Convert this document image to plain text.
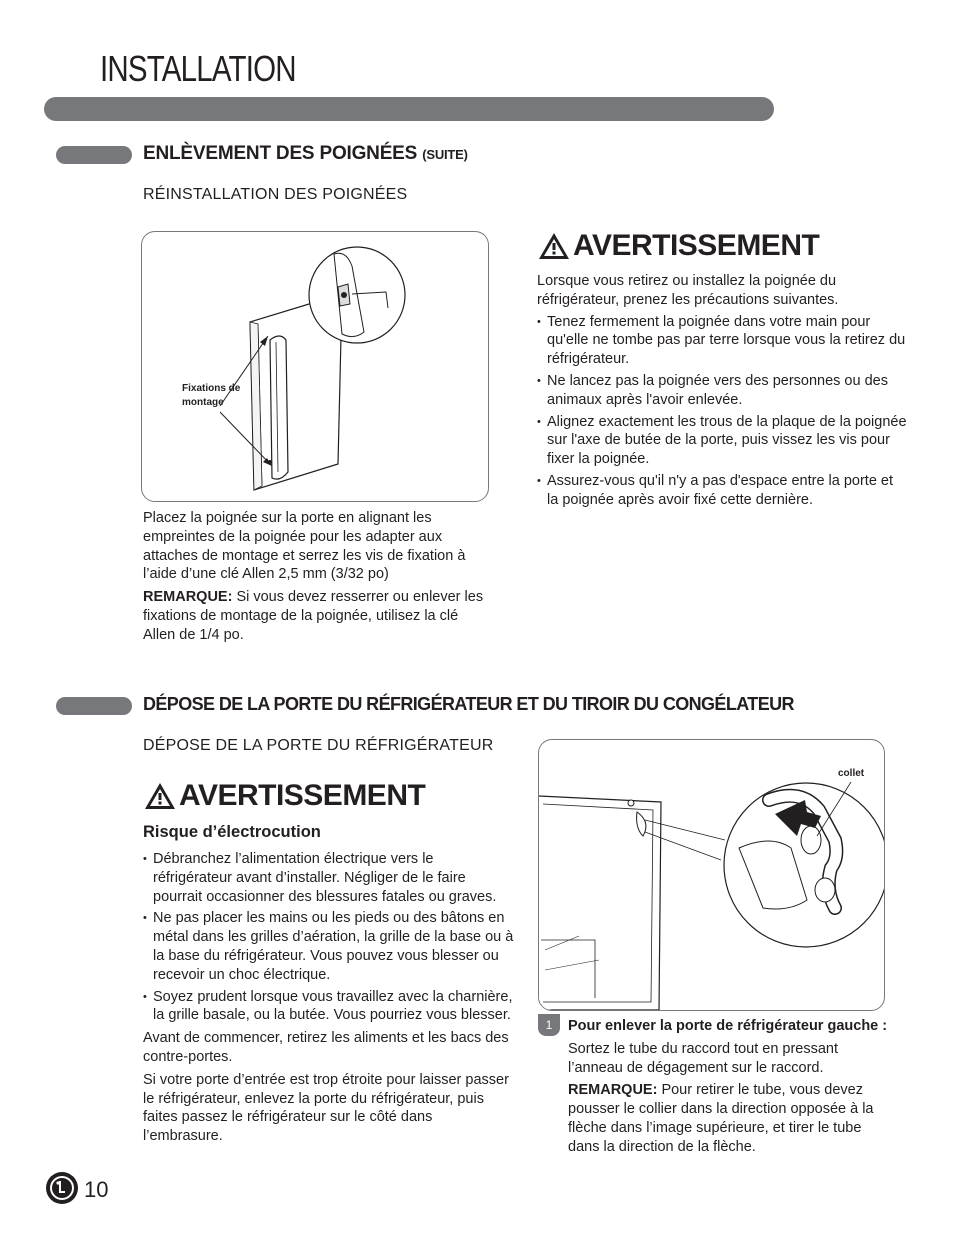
INSTALLATION
ENLÈVEMENT DES POIGNÉES (SUITE)
RÉINSTALLATION DES POIGNÉES
Fixations de montage
Placez la poignée sur la porte en alignant les empreintes de la poignée pour les adapter aux attaches de montage et serrez les vis de fixation à l’aide d’une clé Allen 2,5 mm (3/32 po)
REMARQUE: Si vous devez resserrer ou enlever les fixations de montage de la poignée, utilisez la clé Allen de 1/4 po.
AVERTISSEMENT
Lorsque vous retirez ou installez la poignée du réfrigérateur, prenez les précautions suivantes.
• Tenez fermement la poignée dans votre main pour qu'elle ne tombe pas par terre lorsque vous la retirez du réfrigérateur.
• Ne lancez pas la poignée vers des personnes ou des animaux après l'avoir enlevée.
• Alignez exactement les trous de la plaque de la poignée sur l'axe de butée de la porte, puis vissez les vis pour fixer la poignée.
• Assurez-vous qu'il n'y a pas d'espace entre la porte et la poignée après avoir fixé cette dernière.
DÉPOSE DE LA PORTE DU RÉFRIGÉRATEUR ET DU TIROIR DU CONGÉLATEUR
DÉPOSE DE LA PORTE DU RÉFRIGÉRATEUR
AVERTISSEMENT
Risque d’électrocution
• Débranchez l’alimentation électrique vers le réfrigérateur avant d’installer. Négliger de le faire pourrait occasionner des blessures fatales ou graves.
• Ne pas placer les mains ou les pieds ou des bâtons en métal dans les grilles d’aération, la grille de la base ou à la base du réfrigérateur. Vous pouvez vous blesser ou recevoir un choc électrique.
• Soyez prudent lorsque vous travaillez avec la charnière, la grille basale, ou la butée. Vous pourriez vous blesser.
Avant de commencer, retirez les aliments et les bacs des contre-portes.
Si votre porte d’entrée est trop étroite pour laisser passer le réfrigérateur, enlevez la porte du réfrigérateur, puis faites passez le réfrigérateur sur le côté dans l’embrasure.
collet
1	Pour enlever la porte de réfrigérateur gauche :
Sortez le tube du raccord tout en pressant l’anneau de dégagement sur le raccord.
REMARQUE: Pour retirer le tube, vous devez pousser le collier dans la direction opposée à la flèche dans l’image supérieure, et tirer le tube dans la direction de la flèche.
10
